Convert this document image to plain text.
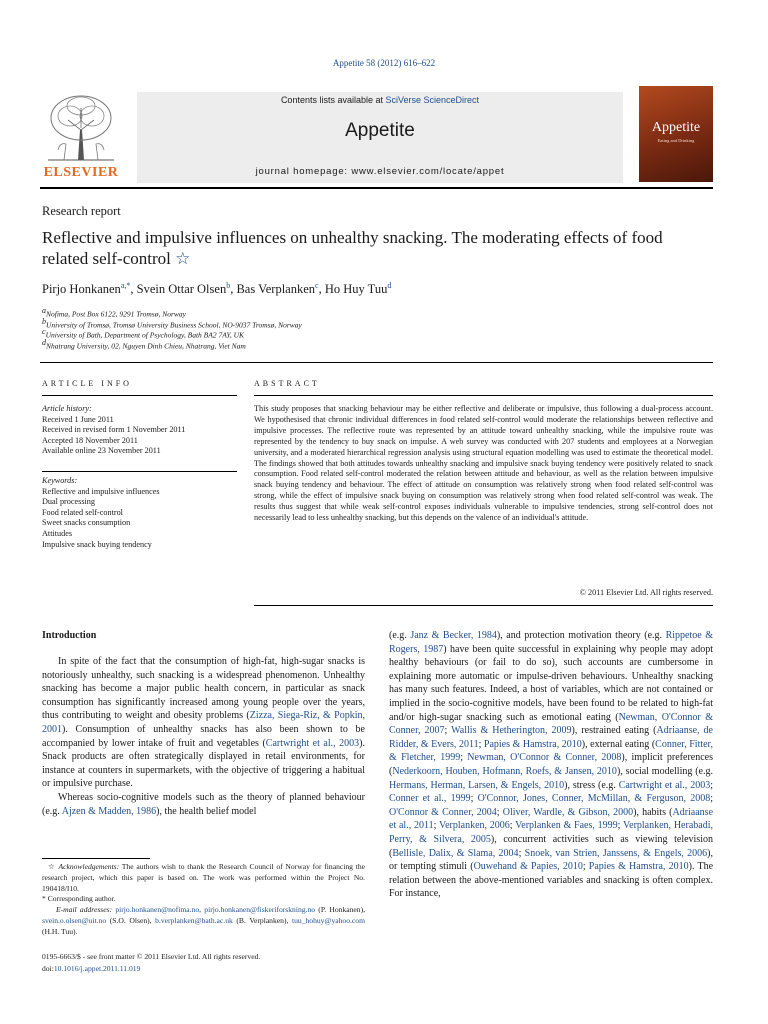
Appetite 58 (2012) 616–622
ELSEVIER
Contents lists available at SciVerse ScienceDirect
Appetite
journal homepage: www.elsevier.com/locate/appet
Appetite
Eating and Drinking
Research report
Reflective and impulsive influences on unhealthy snacking. The moderating effects of food related self-control ☆
Pirjo Honkanen$^{a,*}$, Svein Ottar Olsen$^b$, Bas Verplanken$^c$, Ho Huy Tuu$^d$
$^a$Nofima, Post Box 6122, 9291 Tromsø, Norway
$^b$University of Tromsø, Tromsø University Business School, NO-9037 Tromsø, Norway
$^c$University of Bath, Department of Psychology, Bath BA2 7AY, UK
$^d$Nhatrang University, 02, Nguyen Dinh Chieu, Nhatrang, Viet Nam
ARTICLE INFO
Article history:
Received 1 June 2011
Received in revised form 1 November 2011
Accepted 18 November 2011
Available online 23 November 2011
Keywords:
Reflective and impulsive influences
Dual processing
Food related self-control
Sweet snacks consumption
Attitudes
Impulsive snack buying tendency
ABSTRACT
This study proposes that snacking behaviour may be either reflective and deliberate or impulsive, thus following a dual-process account. We hypothesised that chronic individual differences in food related self-control would moderate the relationships between reflective and impulsive processes. The reflective route was represented by an attitude toward unhealthy snacking, while the impulsive route was represented by the tendency to buy snack on impulse. A web survey was conducted with 207 students and employees at a Norwegian university, and a moderated hierarchical regression analysis using structural equation modelling was used to estimate the theoretical model. The findings showed that both attitudes towards unhealthy snacking and impulsive snack buying tendency were positively related to snack consumption. Food related self-control moderated the relation between attitude and behaviour, as well as the relation between impulsive snack buying tendency and behaviour. The effect of attitude on consumption was relatively strong when food related self-control was strong, while the effect of impulsive snack buying on consumption was relatively strong when food related self-control was weak. The results thus suggest that while weak self-control exposes individuals vulnerable to impulsive tendencies, strong self-control does not necessarily lead to less unhealthy snacking, but this depends on the valence of an individual's attitude.
© 2011 Elsevier Ltd. All rights reserved.
Introduction

In spite of the fact that the consumption of high-fat, high-sugar snacks is notoriously unhealthy, such snacking is a widespread phenomenon. Unhealthy snacking has become a major public health concern, in particular as snack consumption has significantly increased among young people over the years, thus contributing to weight and obesity problems (Zizza, Siega-Riz, & Popkin, 2001). Consumption of unhealthy snacks has also been shown to be accompanied by lower intake of fruit and vegetables (Cartwright et al., 2003). Snack products are often strategically displayed in retail environments, for instance at counters in supermarkets, with the objective of triggering a habitual or impulsive purchase.

Whereas socio-cognitive models such as the theory of planned behaviour (e.g. Ajzen & Madden, 1986), the health belief model

(e.g. Janz & Becker, 1984), and protection motivation theory (e.g. Rippetoe & Rogers, 1987) have been quite successful in explaining why people may adopt healthy behaviours (or fail to do so), such accounts are cumbersome in explaining more automatic or impulse-driven behaviours. Unhealthy snacking has many such features. Indeed, a host of variables, which are not contained or implied in the socio-cognitive models, have been found to be related to high-fat and/or high-sugar snacking such as emotional eating (Newman, O'Connor & Conner, 2007; Wallis & Hetherington, 2009), restrained eating (Adriaanse, de Ridder, & Evers, 2011; Papies & Hamstra, 2010), external eating (Conner, Fitter, & Fletcher, 1999; Newman, O'Connor & Conner, 2008), implicit preferences (Nederkoorn, Houben, Hofmann, Roefs, & Jansen, 2010), social modelling (e.g. Hermans, Herman, Larsen, & Engels, 2010), stress (e.g. Cartwright et al., 2003; Conner et al., 1999; O'Connor, Jones, Conner, McMillan, & Ferguson, 2008; O'Connor & Conner, 2004; Oliver, Wardle, & Gibson, 2000), habits (Adriaanse et al., 2011; Verplanken, 2006; Verplanken & Faes, 1999; Verplanken, Herabadi, Perry, & Silvera, 2005), concurrent activities such as viewing television (Bellisle, Dalix, & Slama, 2004; Snoek, van Strien, Janssens, & Engels, 2006), or tempting stimuli (Ouwehand & Papies, 2010; Papies & Hamstra, 2010). The relation between the above-mentioned variables and snacking is often complex. For instance,

☆ Acknowledgements: The authors wish to thank the Research Council of Norway for financing the research project, which this paper is based on. The work was performed within the Project No. 190418/I10.

* Corresponding author.

E-mail addresses: pirjo.honkanen@nofima.no, pirjo.honkanen@fiskeriforskning.no (P. Honkanen), svein.o.olsen@uit.no (S.O. Olsen), b.verplanken@bath.ac.uk (B. Verplanken), tuu_hohuy@yahoo.com (H.H. Tuu).

0195-6663/$ - see front matter © 2011 Elsevier Ltd. All rights reserved.
doi:10.1016/j.appet.2011.11.019
